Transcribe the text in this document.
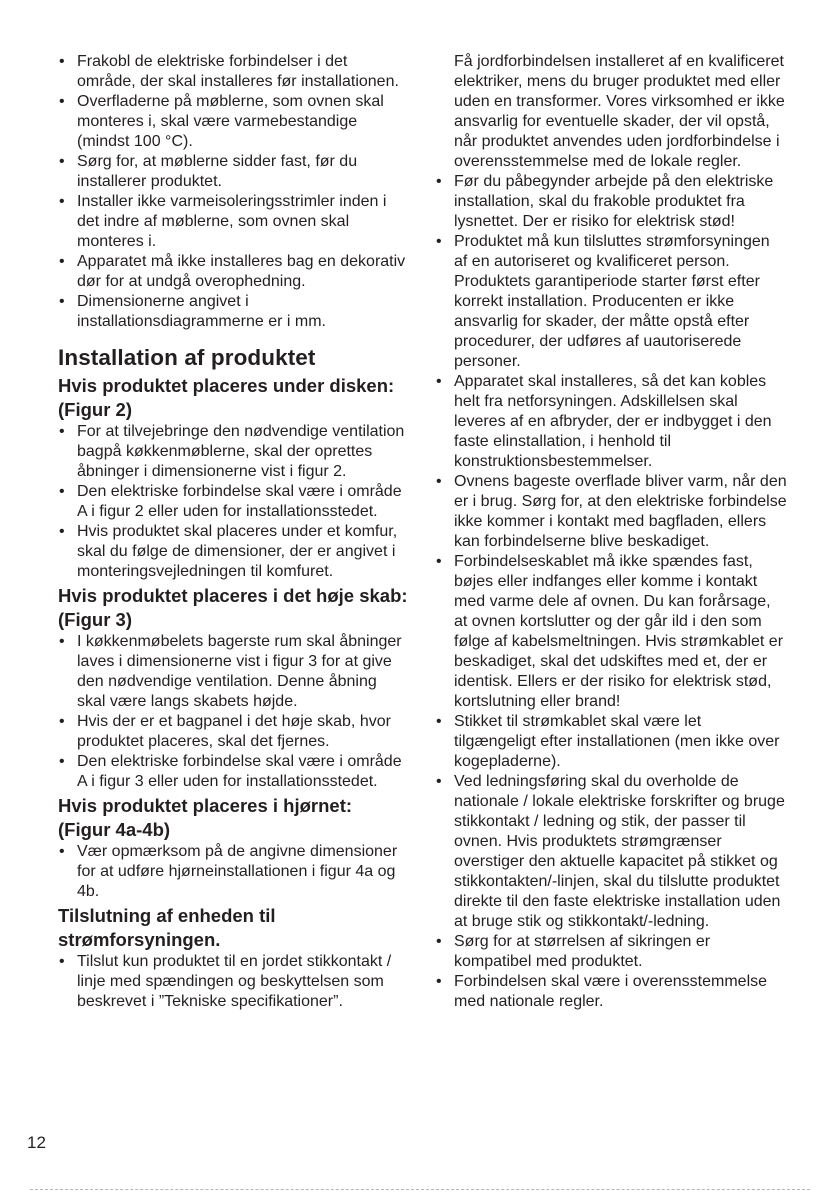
• Frakobl de elektriske forbindelser i det område, der skal installeres før installationen.
• Overfladerne på møblerne, som ovnen skal monteres i, skal være varmebestandige (mindst 100 °C).
• Sørg for, at møblerne sidder fast, før du installerer produktet.
• Installer ikke varmeisoleringsstrimler inden i det indre af møblerne, som ovnen skal monteres i.
• Apparatet må ikke installeres bag en dekorativ dør for at undgå overophedning.
• Dimensionerne angivet i installationsdiagrammerne er i mm.
Installation af produktet
Hvis produktet placeres under disken: (Figur 2)
• For at tilvejebringe den nødvendige ventilation bagpå køkkenmøblerne, skal der oprettes åbninger i dimensionerne vist i figur 2.
• Den elektriske forbindelse skal være i område A i figur 2 eller uden for installationsstedet.
• Hvis produktet skal placeres under et komfur, skal du følge de dimensioner, der er angivet i monteringsvejledningen til komfuret.
Hvis produktet placeres i det høje skab: (Figur 3)
• I køkkenmøbelets bagerste rum skal åbninger laves i dimensionerne vist i figur 3 for at give den nødvendige ventilation. Denne åbning skal være langs skabets højde.
• Hvis der er et bagpanel i det høje skab, hvor produktet placeres, skal det fjernes.
• Den elektriske forbindelse skal være i område A i figur 3 eller uden for installationsstedet.
Hvis produktet placeres i hjørnet: (Figur 4a-4b)
• Vær opmærksom på de angivne dimensioner for at udføre hjørneinstallationen i figur 4a og 4b.
Tilslutning af enheden til strømforsyningen.
• Tilslut kun produktet til en jordet stikkontakt / linje med spændingen og beskyttelsen som beskrevet i ”Tekniske specifikationer”.

Få jordforbindelsen installeret af en kvalificeret elektriker, mens du bruger produktet med eller uden en transformer. Vores virksomhed er ikke ansvarlig for eventuelle skader, der vil opstå, når produktet anvendes uden jordforbindelse i overensstemmelse med de lokale regler.

• Før du påbegynder arbejde på den elektriske installation, skal du frakoble produktet fra lysnettet. Der er risiko for elektrisk stød!
• Produktet må kun tilsluttes strømforsyningen af en autoriseret og kvalificeret person. Produktets garantiperiode starter først efter korrekt installation. Producenten er ikke ansvarlig for skader, der måtte opstå efter procedurer, der udføres af uautoriserede personer.
• Apparatet skal installeres, så det kan kobles helt fra netforsyningen. Adskillelsen skal leveres af en afbryder, der er indbygget i den faste elinstallation, i henhold til konstruktionsbestemmelser.
• Ovnens bageste overflade bliver varm, når den er i brug. Sørg for, at den elektriske forbindelse ikke kommer i kontakt med bagfladen, ellers kan forbindelserne blive beskadiget.
• Forbindelseskablet må ikke spændes fast, bøjes eller indfanges eller komme i kontakt med varme dele af ovnen. Du kan forårsage, at ovnen kortslutter og der går ild i den som følge af kabelsmeltningen. Hvis strømkablet er beskadiget, skal det udskiftes med et, der er identisk. Ellers er der risiko for elektrisk stød, kortslutning eller brand!
• Stikket til strømkablet skal være let tilgængeligt efter installationen (men ikke over kogepladerne).
• Ved ledningsføring skal du overholde de nationale / lokale elektriske forskrifter og bruge stikkontakt / ledning og stik, der passer til ovnen. Hvis produktets strømgrænser overstiger den aktuelle kapacitet på stikket og stikkontakten/-linjen, skal du tilslutte produktet direkte til den faste elektriske installation uden at bruge stik og stikkontakt/-ledning.
• Sørg for at størrelsen af sikringen er kompatibel med produktet.
• Forbindelsen skal være i overensstemmelse med nationale regler.
12
